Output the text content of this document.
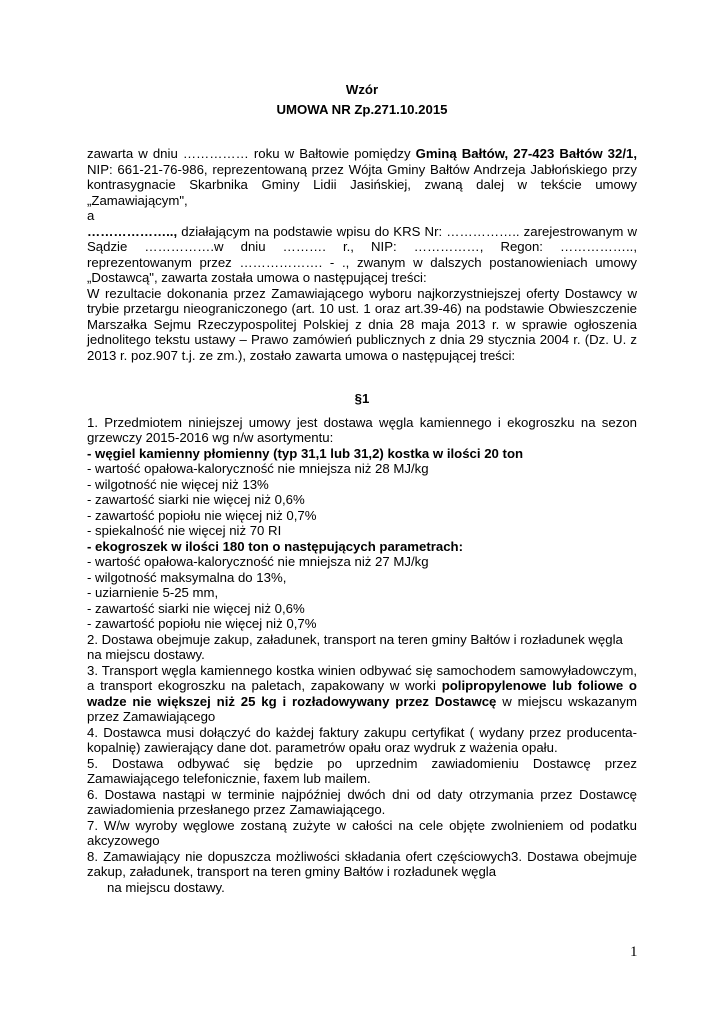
Wzór
UMOWA NR Zp.271.10.2015

zawarta w dniu …………… roku w Bałtowie pomiędzy Gminą Bałtów, 27-423 Bałtów 32/1, NIP: 661-21-76-986, reprezentowaną przez Wójta Gminy Bałtów Andrzeja Jabłońskiego przy kontrasygnacie Skarbnika Gminy Lidii Jasińskiej, zwaną dalej w tekście umowy „Zamawiającym",

a

……………….., działającym na podstawie wpisu do KRS Nr: …………….. zarejestrowanym w Sądzie …………….w dniu ………. r., NIP: ……………, Regon: …………….., reprezentowanym przez ………………. - ., zwanym w dalszych postanowieniach umowy „Dostawcą", zawarta została umowa o następującej treści:

W rezultacie dokonania przez Zamawiającego wyboru najkorzystniejszej oferty Dostawcy w trybie przetargu nieograniczonego (art. 10 ust. 1 oraz art.39-46) na podstawie Obwieszczenie Marszałka Sejmu Rzeczypospolitej Polskiej z dnia 28 maja 2013 r. w sprawie ogłoszenia jednolitego tekstu ustawy – Prawo zamówień publicznych z dnia 29 stycznia 2004 r. (Dz. U. z 2013 r. poz.907 t.j. ze zm.), zostało zawarta umowa o następującej treści:

§1

1. Przedmiotem niniejszej umowy jest dostawa węgla kamiennego i ekogroszku na sezon grzewczy 2015-2016 wg n/w asortymentu:

- węgiel kamienny płomienny (typ 31,1 lub 31,2) kostka w ilości 20 ton

- wartość opałowa-kaloryczność nie mniejsza niż 28 MJ/kg

- wilgotność nie więcej niż 13%

- zawartość siarki nie więcej niż 0,6%

- zawartość popiołu nie więcej niż 0,7%

- spiekalność nie więcej niż 70 RI

- ekogroszek w ilości 180 ton o następujących parametrach:

- wartość opałowa-kaloryczność nie mniejsza niż 27 MJ/kg

- wilgotność maksymalna do 13%,

- uziarnienie 5-25 mm,

- zawartość siarki nie więcej niż 0,6%

- zawartość popiołu nie więcej niż 0,7%

2. Dostawa obejmuje zakup, załadunek, transport na teren gminy Bałtów i rozładunek węgla na miejscu dostawy.

3. Transport węgla kamiennego kostka winien odbywać się samochodem samowyładowczym, a transport ekogroszku na paletach, zapakowany w worki polipropylenowe lub foliowe o wadze nie większej niż 25 kg i rozładowywany przez Dostawcę w miejscu wskazanym przez Zamawiającego

4. Dostawca musi dołączyć do każdej faktury zakupu certyfikat ( wydany przez producenta-kopalnię) zawierający dane dot. parametrów opału oraz wydruk z ważenia opału.

5. Dostawa odbywać się będzie po uprzednim zawiadomieniu Dostawcę przez Zamawiającego telefonicznie, faxem lub mailem.

6. Dostawa nastąpi w terminie najpóźniej dwóch dni od daty otrzymania przez Dostawcę zawiadomienia przesłanego przez Zamawiającego.

7. W/w wyroby węglowe zostaną zużyte w całości na cele objęte zwolnieniem od podatku akcyzowego

8. Zamawiający nie dopuszcza możliwości składania ofert częściowych3. Dostawa obejmuje zakup, załadunek, transport na teren gminy Bałtów i rozładunek węgla

na miejscu dostawy.

1
